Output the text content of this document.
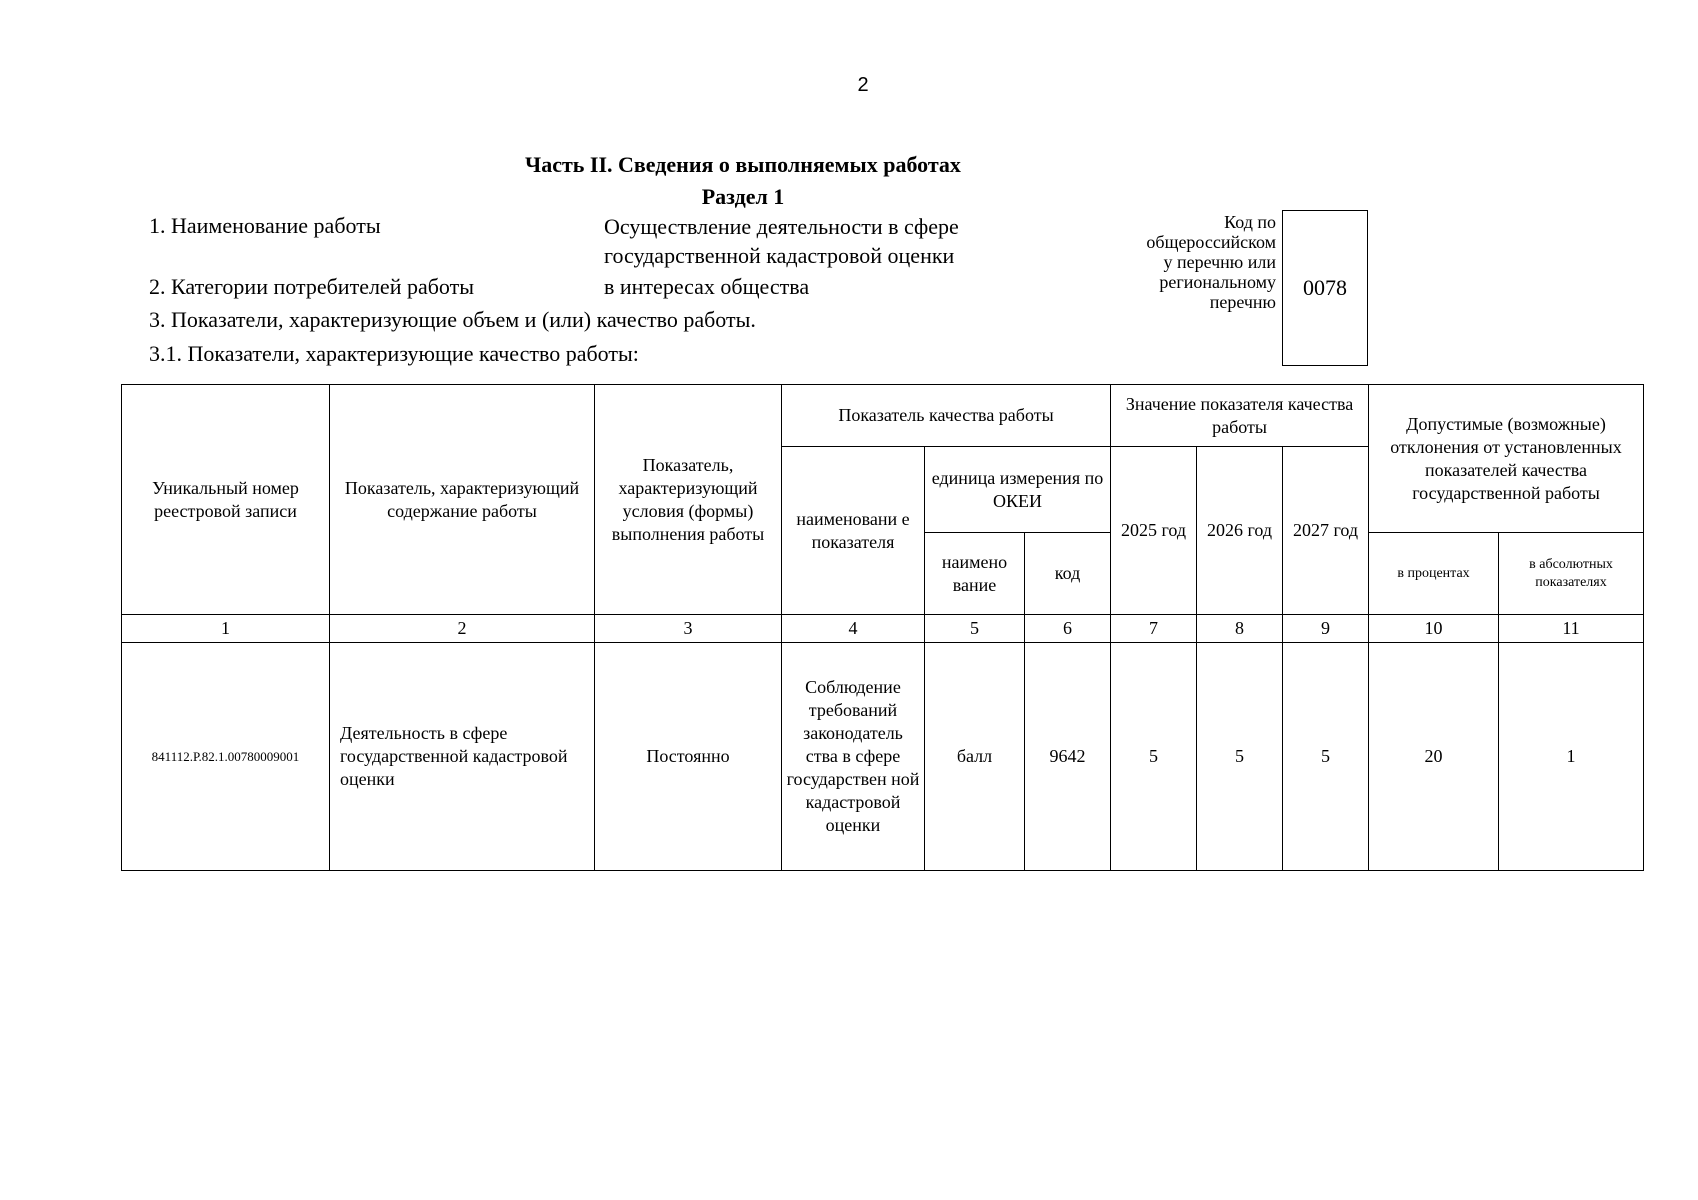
2
Часть II. Сведения о выполняемых работах
Раздел 1
1. Наименование работы	Осуществление деятельности в сфере
государственной кадастровой оценки
2. Категории потребителей работы	в интересах общества
3. Показатели, характеризующие объем и (или) качество работы.
3.1. Показатели, характеризующие качество работы:
Код по
общероссийском
у перечню или
региональному
перечню
0078
Уникальный номер реестровой записи	Показатель, характеризующий содержание работы	Показатель, характеризующий условия (формы) выполнения работы	Показатель качества работы			Значение показателя качества работы			Допустимые (возможные) отклонения от установленных показателей качества государственной работы	
			наименовани е показателя	единица измерения по ОКЕИ		2025 год	2026 год	2027 год		
				наимено вание	код				в процентах	в абсолютных показателях
1	2	3	4	5	6	7	8	9	10	11
841112.Р.82.1.00780009001	Деятельность в сфере государственной кадастровой оценки	Постоянно	Соблюдение требований законодатель ства в сфере государствен ной кадастровой оценки	балл	9642	5	5	5	20	1
